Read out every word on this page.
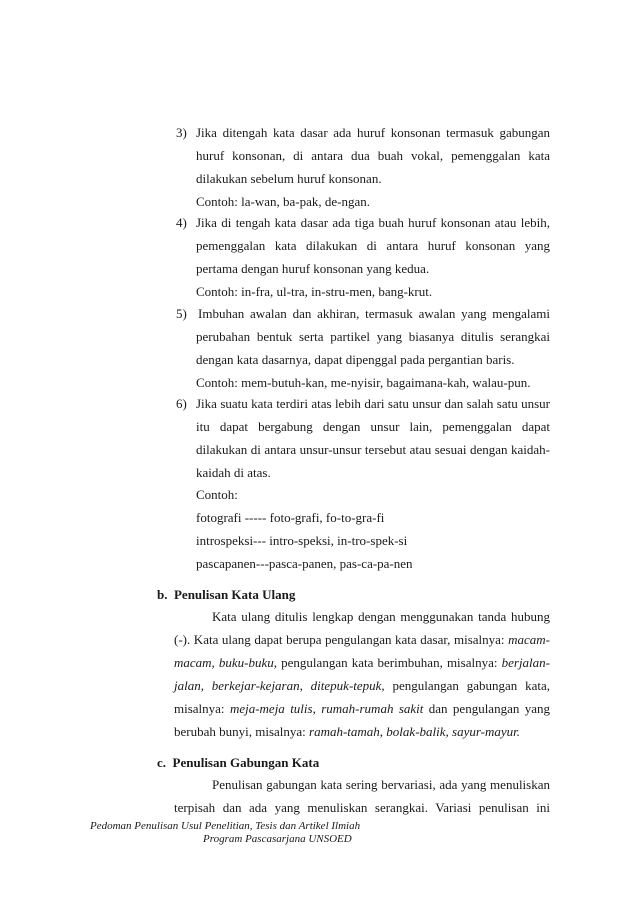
3) Jika ditengah kata dasar ada huruf konsonan termasuk gabungan
huruf konsonan, di antara dua buah vokal, pemenggalan kata
dilakukan sebelum huruf konsonan.
Contoh: la-wan, ba-pak, de-ngan.
4) Jika di tengah kata dasar ada tiga buah huruf konsonan atau lebih,
pemenggalan kata dilakukan di antara huruf konsonan yang
pertama dengan huruf konsonan yang kedua.
Contoh: in-fra, ul-tra, in-stru-men, bang-krut.
5) Imbuhan awalan dan akhiran, termasuk awalan yang mengalami
perubahan bentuk serta partikel yang biasanya ditulis serangkai
dengan kata dasarnya, dapat dipenggal pada pergantian baris.
Contoh: mem-butuh-kan, me-nyisir, bagaimana-kah, walau-pun.
6) Jika suatu kata terdiri atas lebih dari satu unsur dan salah satu unsur
itu dapat bergabung dengan unsur lain, pemenggalan dapat
dilakukan di antara unsur-unsur tersebut atau sesuai dengan kaidah-
kaidah di atas.
Contoh:
fotografi ----- foto-grafi, fo-to-gra-fi
introspeksi--- intro-speksi, in-tro-spek-si
pascapanen---pasca-panen, pas-ca-pa-nen
b. Penulisan Kata Ulang
Kata ulang ditulis lengkap dengan menggunakan tanda hubung
(-). Kata ulang dapat berupa pengulangan kata dasar, misalnya: macam-
macam, buku-buku, pengulangan kata berimbuhan, misalnya: berjalan-
jalan, berkejar-kejaran, ditepuk-tepuk, pengulangan gabungan kata,
misalnya: meja-meja tulis, rumah-rumah sakit dan pengulangan yang
berubah bunyi, misalnya: ramah-tamah, bolak-balik, sayur-mayur.
c. Penulisan Gabungan Kata
Penulisan gabungan kata sering bervariasi, ada yang menuliskan
terpisah dan ada yang menuliskan serangkai. Variasi penulisan ini
Pedoman Penulisan Usul Penelitian, Tesis dan Artikel Ilmiah
Program Pascasarjana UNSOED
